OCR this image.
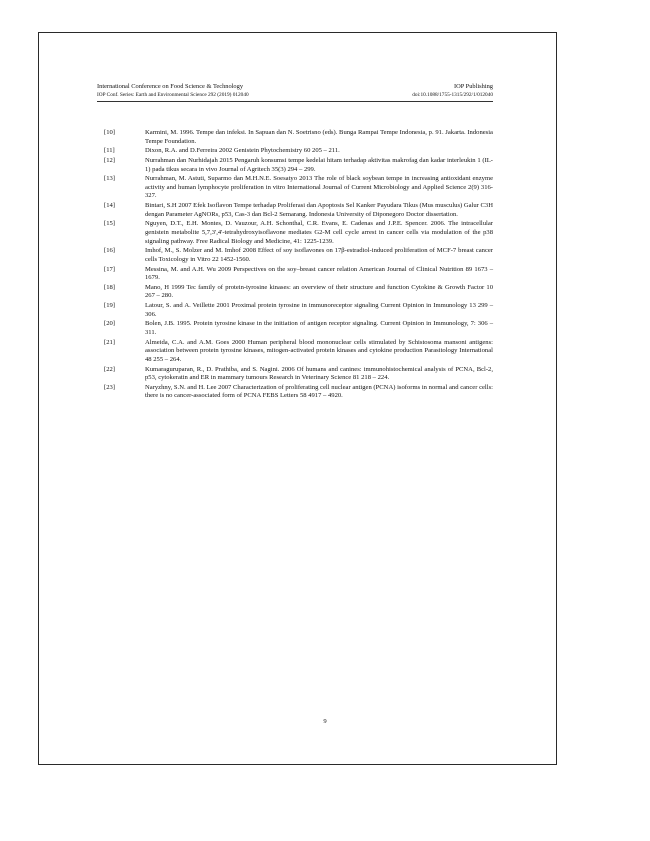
International Conference on Food Science & Technology	IOP Publishing
IOP Conf. Series: Earth and Environmental Science 292 (2019) 012040	doi:10.1088/1755-1315/292/1/012040
[10]	Karmini, M. 1996. Tempe dan infeksi. In Sapuan dan N. Soetrisno (eds). Bunga Rampai Tempe Indonesia, p. 91. Jakarta. Indonesia Tempe Foundation.
[11]	Dixon, R.A. and D.Ferreira 2002 Genistein Phytochemistry 60 205 – 211.
[12]	Nurrahman dan Nurhidajah 2015 Pengaruh konsumsi tempe kedelai hitam terhadap aktivitas makrofag dan kadar interleukin 1 (IL-1) pada tikus secara in vivo Journal of Agritech 35(3) 294 – 299.
[13]	Nurrahman, M. Astuti, Suparmo dan M.H.N.E. Soesatyo 2013 The role of black soybean tempe in increasing antioxidant enzyme activity and human lymphocyte proliferation in vitro International Journal of Current Microbiology and Applied Science 2(9) 316-327.
[14]	Bintari, S.H 2007 Efek Isoflavon Tempe terhadap Proliferasi dan Apoptosis Sel Kanker Payudara Tikus (Mus musculus) Galur C3H dengan Parameter AgNORs, p53, Cas-3 dan Bcl-2 Semarang. Indonesia University of Diponegoro Doctor dissertation.
[15]	Nguyen, D.T., E.H. Montes, D. Vauzour, A.H. Schonthal, C.R. Evans, E. Cadenas and J.P.E. Spencer. 2006. The intracellular genistein metabolite 5,7,3',4'-tetrahydroxyisoflavone mediates G2-M cell cycle arrest in cancer cells via modulation of the p38 signaling pathway. Free Radical Biology and Medicine, 41: 1225-1239.
[16]	Imhof, M., S. Molzer and M. Imhof 2008 Effect of soy isoflavones on 17β-estradiol-induced proliferation of MCF-7 breast cancer cells Toxicology in Vitro 22 1452-1560.
[17]	Messina, M. and A.H. Wu 2009 Perspectives on the soy–breast cancer relation American Journal of Clinical Nutrition 89 1673 – 1679.
[18]	Mano, H 1999 Tec family of protein-tyrosine kinases: an overview of their structure and function Cytokine & Growth Factor 10 267 – 280.
[19]	Latour, S. and A. Veillette 2001 Proximal protein tyrosine in immunoreceptor signaling Current Opinion in Immunology 13 299 – 306.
[20]	Bolen, J.B. 1995. Protein tyrosine kinase in the initiation of antigen receptor signaling. Current Opinion in Immunology, 7: 306 – 311.
[21]	Almeida, C.A. and A.M. Goes 2000 Human peripheral blood mononuclear cells stimulated by Schistosoma mansoni antigens: association between protein tyrosine kinases, mitogen-activated protein kinases and cytokine production Parasitology International 48 255 – 264.
[22]	Kumaraguruparan, R., D. Prathiba, and S. Nagini. 2006 Of humans and canines: immunohistochemical analysis of PCNA, Bcl-2, p53, cytokeratin and ER in mammary tumours Research in Veterinary Science 81 218 – 224.
[23]	Naryzhny, S.N. and H. Lee 2007 Characterization of proliferating cell nuclear antigen (PCNA) isoforms in normal and cancer cells: there is no cancer-associated form of PCNA FEBS Letters 58 4917 – 4920.
9
